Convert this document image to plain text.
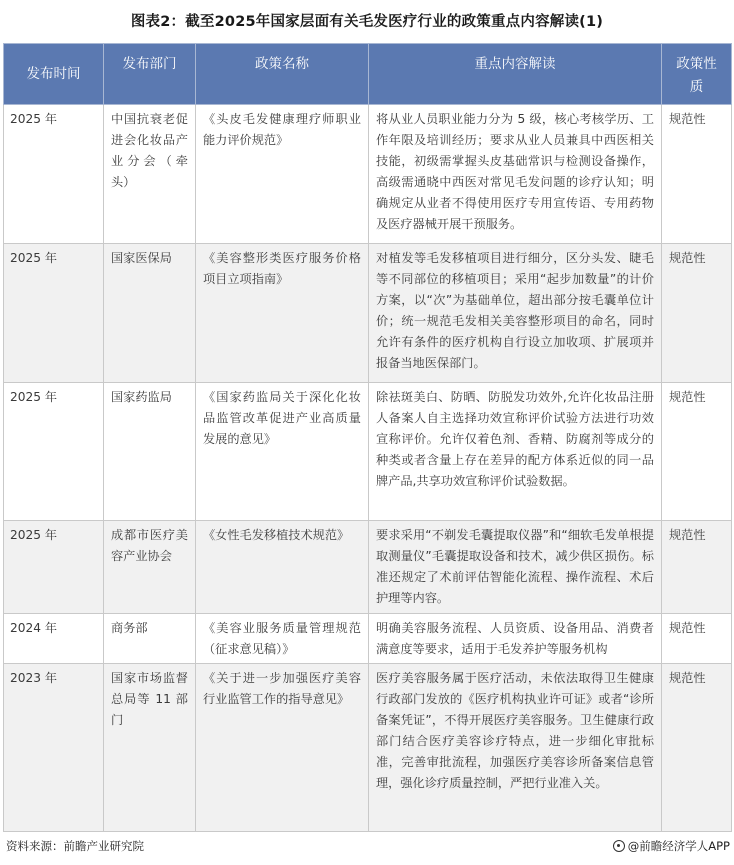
图表2：截至2025年国家层面有关毛发医疗行业的政策重点内容解读(1)
发布时间	发布部门	政策名称	重点内容解读	政策性质
2025 年	中国抗衰老促进会化妆品产业分会（牵头）	《头皮毛发健康理疗师职业能力评价规范》	将从业人员职业能力分为 5 级，核心考核学历、工作年限及培训经历；要求从业人员兼具中西医相关技能，初级需掌握头皮基础常识与检测设备操作，高级需通晓中西医对常见毛发问题的诊疗认知；明确规定从业者不得使用医疗专用宣传语、专用药物及医疗器械开展干预服务。	规范性
2025 年	国家医保局	《美容整形类医疗服务价格项目立项指南》	对植发等毛发移植项目进行细分，区分头发、睫毛等不同部位的移植项目；采用“起步加数量”的计价方案，以“次”为基础单位，超出部分按毛囊单位计价；统一规范毛发相关美容整形项目的命名，同时允许有条件的医疗机构自行设立加收项、扩展项并报备当地医保部门。	规范性
2025 年	国家药监局	《国家药监局关于深化化妆品监管改革促进产业高质量发展的意见》	除祛斑美白、防晒、防脱发功效外,允许化妆品注册人备案人自主选择功效宣称评价试验方法进行功效宣称评价。允许仅着色剂、香精、防腐剂等成分的种类或者含量上存在差异的配方体系近似的同一品牌产品,共享功效宣称评价试验数据。	规范性
2025 年	成都市医疗美容产业协会	《女性毛发移植技术规范》	要求采用“不剃发毛囊提取仪器”和“细软毛发单根提取测量仪”毛囊提取设备和技术，减少供区损伤。标准还规定了术前评估智能化流程、操作流程、术后护理等内容。	规范性
2024 年	商务部	《美容业服务质量管理规范（征求意见稿）》	明确美容服务流程、人员资质、设备用品、消费者满意度等要求，适用于毛发养护等服务机构	规范性
2023 年	国家市场监督总局等 11 部门	《关于进一步加强医疗美容行业监管工作的指导意见》	医疗美容服务属于医疗活动，未依法取得卫生健康行政部门发放的《医疗机构执业许可证》或者“诊所备案凭证”，不得开展医疗美容服务。卫生健康行政部门结合医疗美容诊疗特点，进一步细化审批标准，完善审批流程，加强医疗美容诊所备案信息管理，强化诊疗质量控制，严把行业准入关。	规范性
资料来源：前瞻产业研究院	@前瞻经济学人APP
